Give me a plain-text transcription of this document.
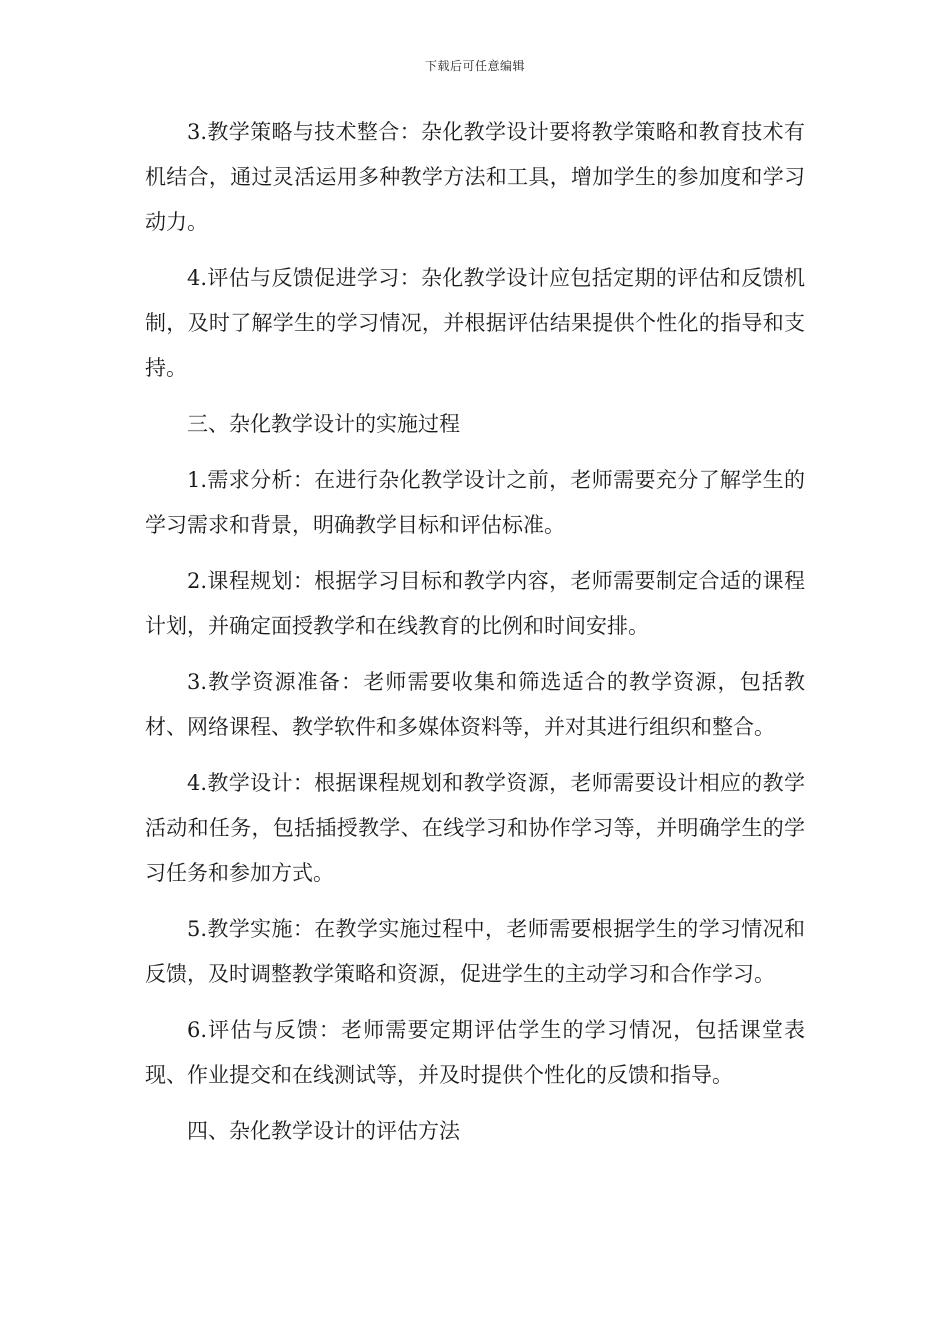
下载后可任意编辑

3.教学策略与技术整合：杂化教学设计要将教学策略和教育技术有机结合，通过灵活运用多种教学方法和工具，增加学生的参加度和学习动力。

4.评估与反馈促进学习：杂化教学设计应包括定期的评估和反馈机制，及时了解学生的学习情况，并根据评估结果提供个性化的指导和支持。

三、杂化教学设计的实施过程

1.需求分析：在进行杂化教学设计之前，老师需要充分了解学生的学习需求和背景，明确教学目标和评估标准。

2.课程规划：根据学习目标和教学内容，老师需要制定合适的课程计划，并确定面授教学和在线教育的比例和时间安排。

3.教学资源准备：老师需要收集和筛选适合的教学资源，包括教材、网络课程、教学软件和多媒体资料等，并对其进行组织和整合。

4.教学设计：根据课程规划和教学资源，老师需要设计相应的教学活动和任务，包括插授教学、在线学习和协作学习等，并明确学生的学习任务和参加方式。

5.教学实施：在教学实施过程中，老师需要根据学生的学习情况和反馈，及时调整教学策略和资源，促进学生的主动学习和合作学习。

6.评估与反馈：老师需要定期评估学生的学习情况，包括课堂表现、作业提交和在线测试等，并及时提供个性化的反馈和指导。

四、杂化教学设计的评估方法
